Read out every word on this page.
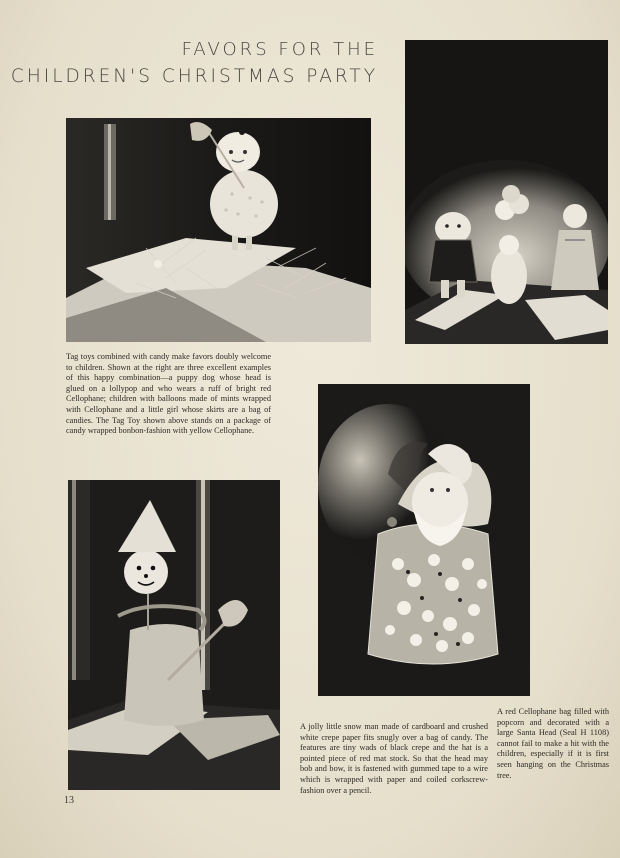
FAVORS FOR THE
CHILDREN'S CHRISTMAS PARTY
Tag toys combined with candy make favors doubly welcome to children. Shown at the right are three excellent examples of this happy combination—a puppy dog whose head is glued on a lollypop and who wears a ruff of bright red Cellophane; children with balloons made of mints wrapped with Cellophane and a little girl whose skirts are a bag of candies. The Tag Toy shown above stands on a package of candy wrapped bonbon-fashion with yellow Cellophane.
A jolly little snow man made of cardboard and crushed white crepe paper fits snugly over a bag of candy. The features are tiny wads of black crepe and the hat is a pointed piece of red mat stock. So that the head may bob and bow, it is fastened with gummed tape to a wire which is wrapped with paper and coiled corkscrew-fashion over a pencil.
A red Cellophane bag filled with popcorn and decorated with a large Santa Head (Seal H 1108) cannot fail to make a hit with the children, especially if it is first seen hanging on the Christmas tree.
13
